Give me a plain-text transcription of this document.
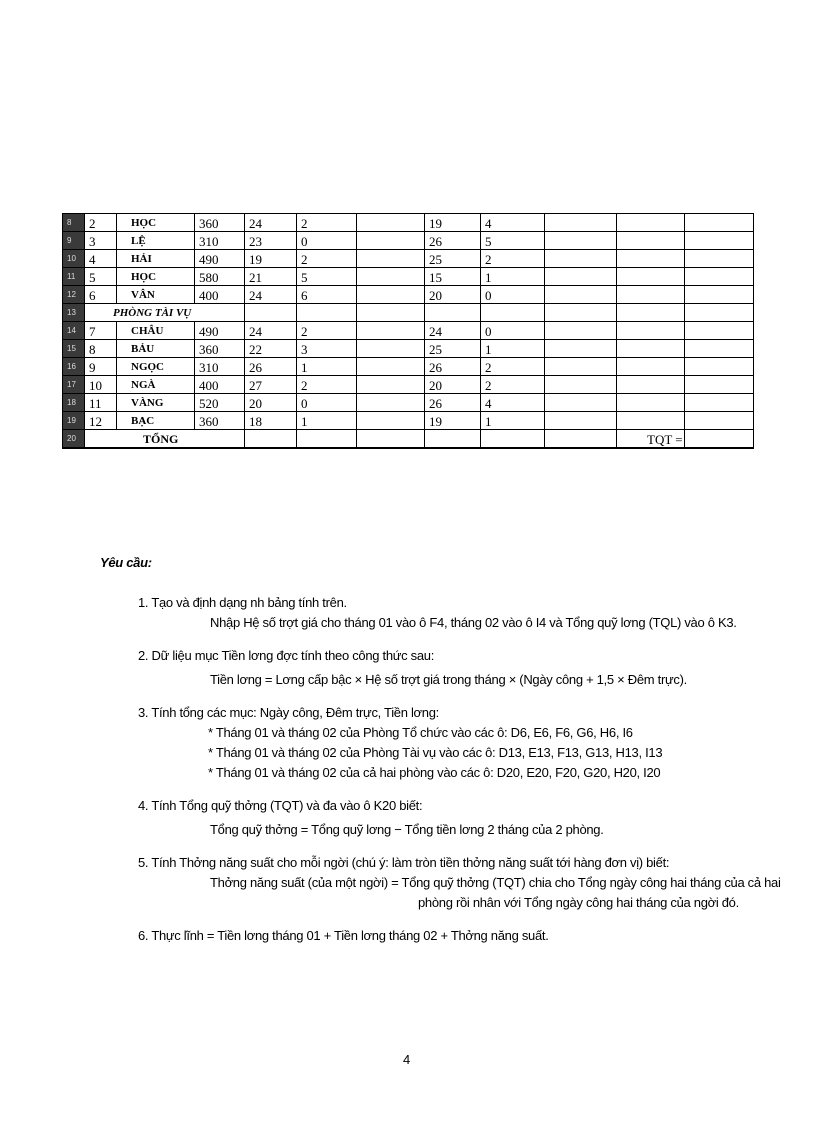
8	2	HỌC	360	24	2		19	4			
9	3	LỆ	310	23	0		26	5			
10	4	HẢI	490	19	2		25	2			
11	5	HỌC	580	21	5		15	1			
12	6	VÂN	400	24	6		20	0			
13	PHÒNG TÀI VỤ										
14	7	CHÂU	490	24	2		24	0			
15	8	BẢU	360	22	3		25	1			
16	9	NGỌC	310	26	1		26	2			
17	10	NGÀ	400	27	2		20	2			
18	11	VÀNG	520	20	0		26	4			
19	12	BẠC	360	18	1		19	1			
20	TỔNG									TQT =	
Yêu cầu:
1. Tạo và định dạng nh bảng tính trên.
Nhập Hệ số trợt giá cho tháng 01 vào ô F4, tháng 02 vào ô I4 và Tổng quỹ lơng (TQL) vào ô K3.
2. Dữ liệu mục Tiền lơng đợc tính theo công thức sau:
Tiền lơng = Lơng cấp bậc × Hệ số trợt giá trong tháng × (Ngày công + 1,5 × Đêm trực).
3. Tính tổng các mục: Ngày công, Đêm trực, Tiền lơng:
* Tháng 01 và tháng 02 của Phòng Tổ chức vào các ô: D6, E6, F6, G6, H6, I6
* Tháng 01 và tháng 02 của Phòng Tài vụ vào các ô: D13, E13, F13, G13, H13, I13
* Tháng 01 và tháng 02 của cả hai phòng vào các ô: D20, E20, F20, G20, H20, I20
4. Tính Tổng quỹ thởng (TQT) và đa vào ô K20 biết:
Tổng quỹ thởng = Tổng quỹ lơng − Tổng tiền lơng 2 tháng của 2 phòng.
5. Tính Thởng năng suất cho mỗi ngời (chú ý: làm tròn tiền thởng năng suất tới hàng đơn vị) biết:
Thởng năng suất (của một ngời) = Tổng quỹ thởng (TQT) chia cho Tổng ngày công hai tháng của cả hai
phòng rồi nhân với Tổng ngày công hai tháng của ngời đó.
6. Thực lĩnh = Tiền lơng tháng 01 + Tiền lơng tháng 02 + Thởng năng suất.
4
